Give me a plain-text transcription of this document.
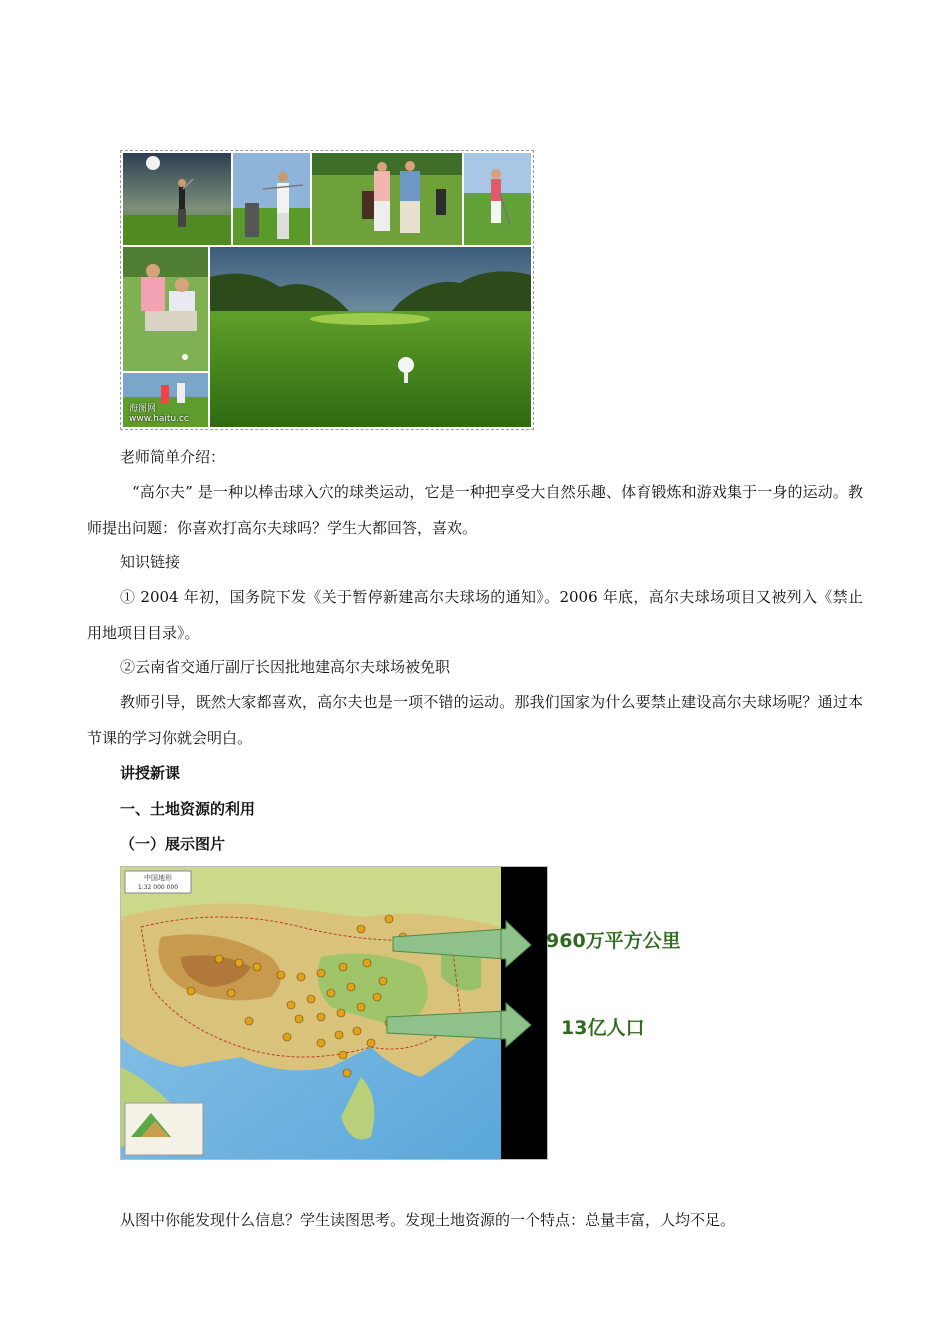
海图网 www.haitu.cc

老师简单介绍：

“高尔夫” 是一种以棒击球入穴的球类运动，它是一种把享受大自然乐趣、体育锻炼和游戏集于一身的运动。教师提出问题：你喜欢打高尔夫球吗？学生大都回答，喜欢。

知识链接

① 2004 年初，国务院下发《关于暂停新建高尔夫球场的通知》。2006 年底，高尔夫球场项目又被列入《禁止用地项目目录》。

②云南省交通厅副厅长因批地建高尔夫球场被免职

教师引导，既然大家都喜欢，高尔夫也是一项不错的运动。那我们国家为什么要禁止建设高尔夫球场呢？通过本节课的学习你就会明白。

讲授新课

一、土地资源的利用

（一）展示图片

中国地形
1:32 000 000
960万平方公里
13亿人口

从图中你能发现什么信息？学生读图思考。发现土地资源的一个特点：总量丰富，人均不足。
